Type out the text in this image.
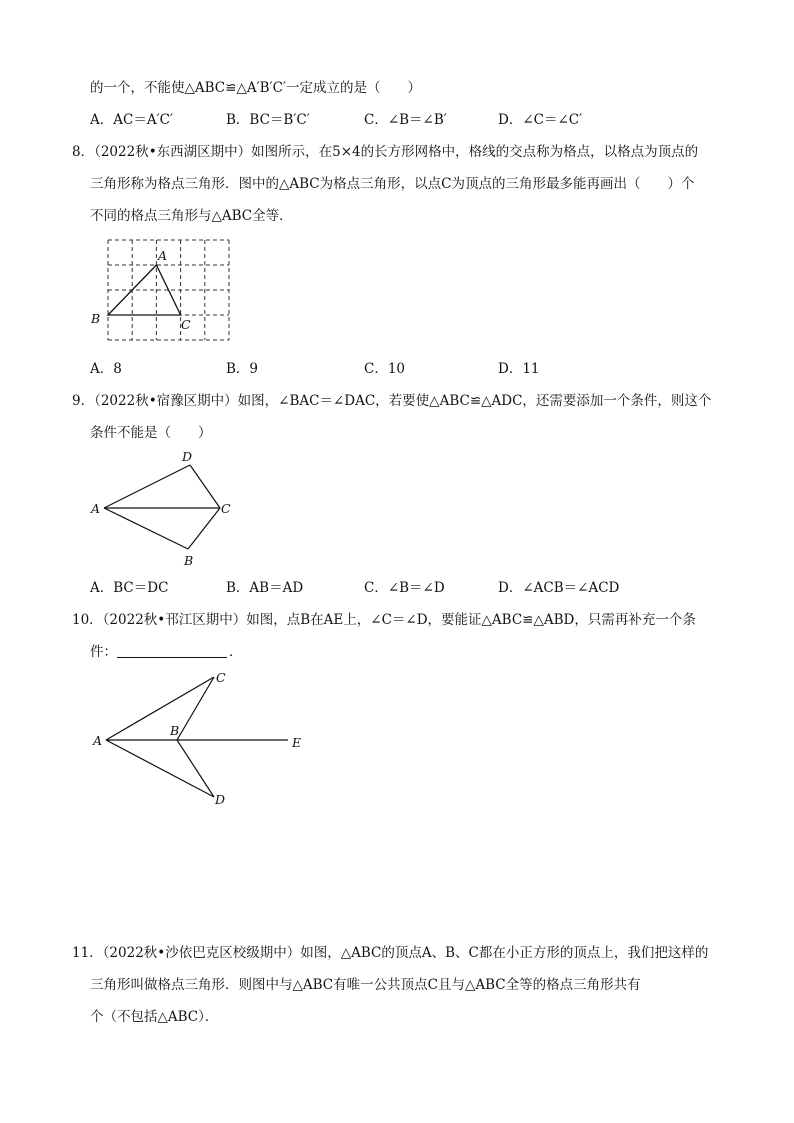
的一个，不能使△ABC≌△A′B′C′一定成立的是（　　）
A．AC＝A′C′	B．BC＝B′C′	C．∠B＝∠B′	D．∠C＝∠C′
8．（2022秋•东西湖区期中）如图所示，在5×4的长方形网格中，格线的交点称为格点，以格点为顶点的
三角形称为格点三角形．图中的△ABC为格点三角形，以点C为顶点的三角形最多能再画出（　　）个
不同的格点三角形与△ABC全等．
A
B	C
A．8	B．9	C．10	D．11
9．（2022秋•宿豫区期中）如图，∠BAC＝∠DAC，若要使△ABC≌△ADC，还需要添加一个条件，则这个
条件不能是（　　）
D
A	C
B
A．BC＝DC	B．AB＝AD	C．∠B＝∠D	D．∠ACB＝∠ACD
10．（2022秋•邗江区期中）如图，点B在AE上，∠C＝∠D，要能证△ABC≌△ABD，只需再补充一个条
件：	．
C
A
B
E
D
11．（2022秋•沙依巴克区校级期中）如图，△ABC的顶点A、B、C都在小正方形的顶点上，我们把这样的
三角形叫做格点三角形．则图中与△ABC有唯一公共顶点C且与△ABC全等的格点三角形共有
个（不包括△ABC）．
